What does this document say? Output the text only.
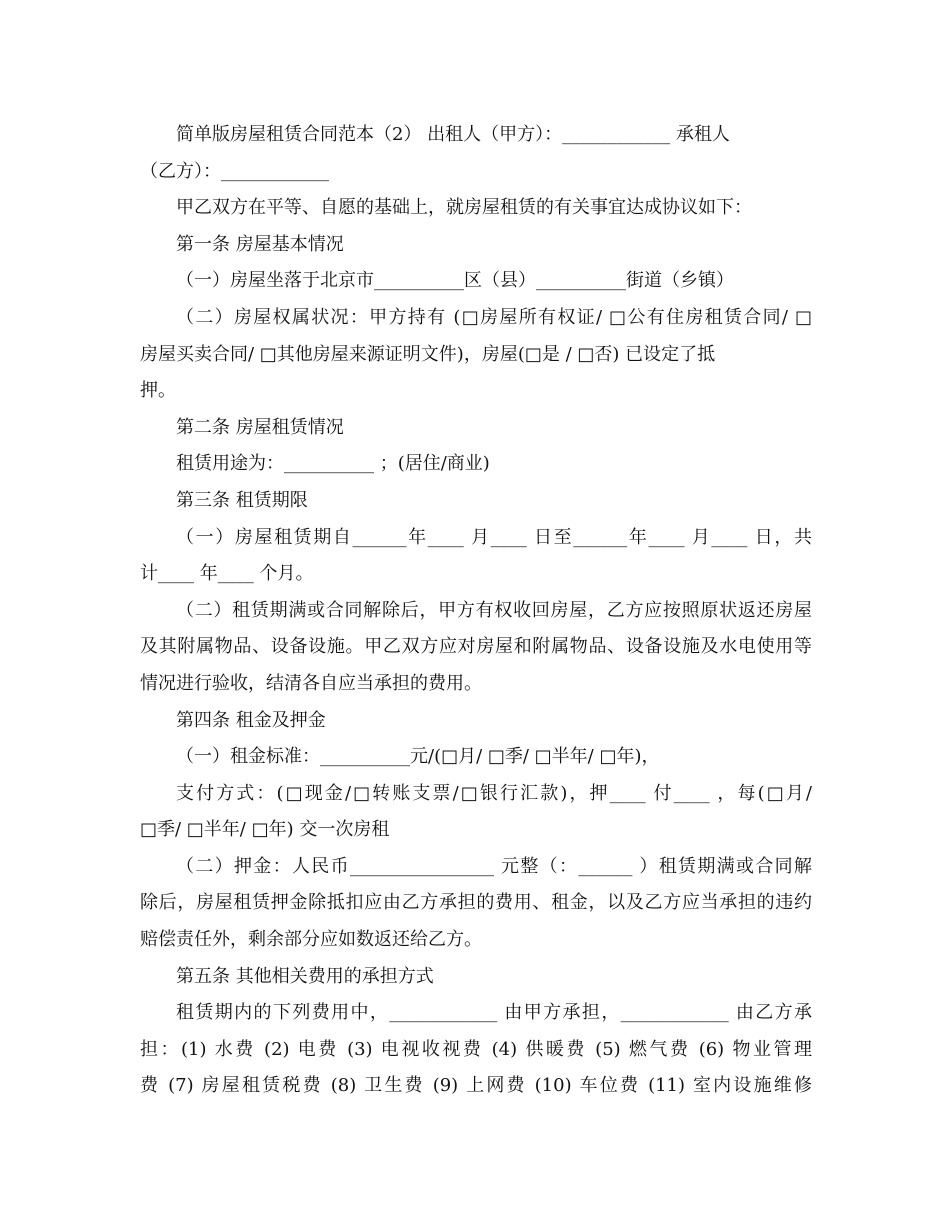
简单版房屋租赁合同范本（2） 出租人（甲方）：____________ 承租人
（乙方）：____________
甲乙双方在平等、自愿的基础上，就房屋租赁的有关事宜达成协议如下：
第一条 房屋基本情况
（一）房屋坐落于北京市__________区（县）__________街道（乡镇）
（二）房屋权属状况：甲方持有 (□房屋所有权证/ □公有住房租赁合同/ □
房屋买卖合同/ □其他房屋来源证明文件)，房屋(□是 / □否) 已设定了抵
押。
第二条 房屋租赁情况
租赁用途为：__________ ；(居住/商业)
第三条 租赁期限
（一）房屋租赁期自______年____ 月____ 日至______年____ 月____ 日，共
计____ 年____ 个月。
（二）租赁期满或合同解除后，甲方有权收回房屋，乙方应按照原状返还房屋
及其附属物品、设备设施。甲乙双方应对房屋和附属物品、设备设施及水电使用等
情况进行验收，结清各自应当承担的费用。
第四条 租金及押金
（一）租金标准：__________元/(□月/ □季/ □半年/ □年)，
支付方式：(□现金/□转账支票/□银行汇款)，押____ 付____ ，每(□月/
□季/ □半年/ □年) 交一次房租
（二）押金：人民币________________ 元整（：______ ）租赁期满或合同解
除后，房屋租赁押金除抵扣应由乙方承担的费用、租金，以及乙方应当承担的违约
赔偿责任外，剩余部分应如数返还给乙方。
第五条 其他相关费用的承担方式
租赁期内的下列费用中，____________ 由甲方承担，____________ 由乙方承
担：(1) 水费 (2) 电费 (3) 电视收视费 (4) 供暖费 (5) 燃气费 (6) 物业管理
费 (7) 房屋租赁税费 (8) 卫生费 (9) 上网费 (10) 车位费 (11) 室内设施维修
